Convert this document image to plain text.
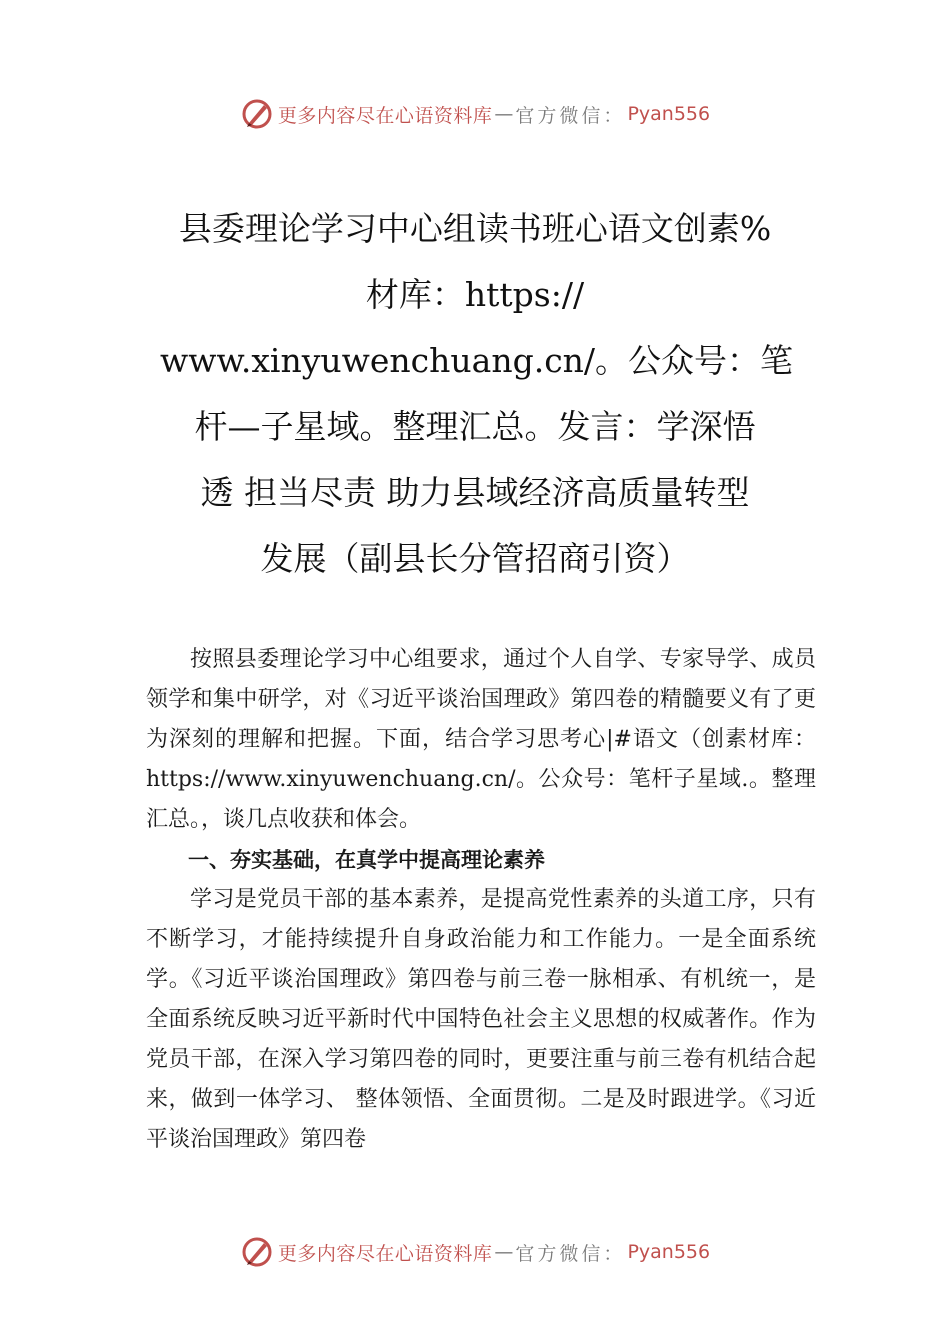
更多内容尽在心语资料库 — 官方微信： Pyan556
县委理论学习中心组读书班心语文创素%
材库：https://
www.xinyuwenchuang.cn/。公众号：笔
杆—子星域。整理汇总。发言：学深悟
透 担当尽责 助力县域经济高质量转型
发展（副县长分管招商引资）

按照县委理论学习中心组要求，通过个人自学、专家导学、成员领学和集中研学，对《习近平谈治国理政》第四卷的精髓要义有了更为深刻的理解和把握。下面，结合学习思考心|#语文（创素材库：https://www.xinyuwenchuang.cn/。公众号：笔杆子星域.。整理汇总。，谈几点收获和体会。

一、夯实基础，在真学中提高理论素养

学习是党员干部的基本素养，是提高党性素养的头道工序，只有不断学习，才能持续提升自身政治能力和工作能力。一是全面系统学。《习近平谈治国理政》第四卷与前三卷一脉相承、有机统一，是全面系统反映习近平新时代中国特色社会主义思想的权威著作。作为党员干部，在深入学习第四卷的同时，更要注重与前三卷有机结合起来，做到一体学习、 整体领悟、全面贯彻。二是及时跟进学。《习近平谈治国理政》第四卷

更多内容尽在心语资料库 — 官方微信： Pyan556
